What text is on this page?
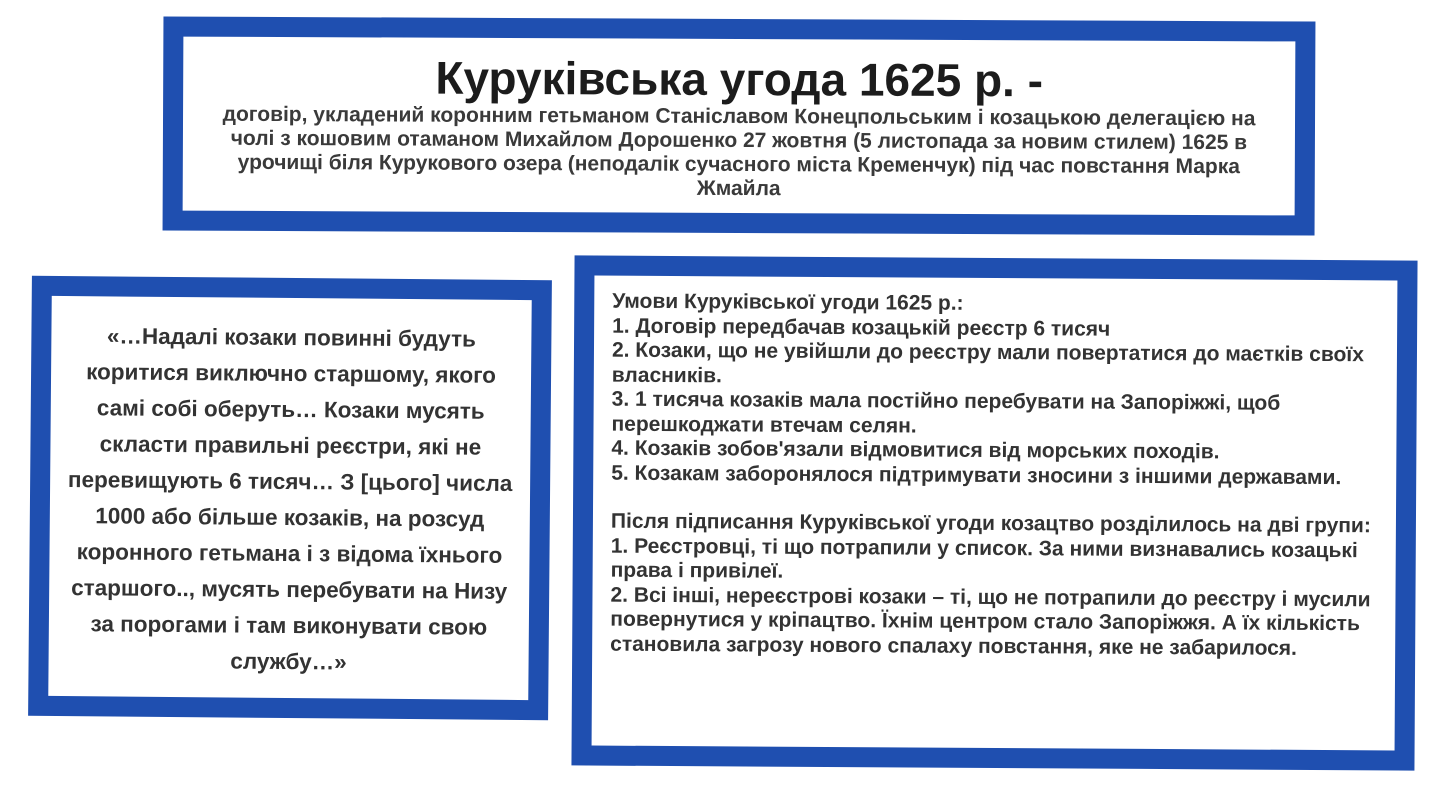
Куруківська угода 1625 р. -
договір, укладений коронним гетьманом Станіславом Конецпольським і козацькою делегацією на чолі з кошовим отаманом Михайлом Дорошенко 27 жовтня (5 листопада за новим стилем) 1625 в урочищі біля Курукового озера (неподалік сучасного міста Кременчук) під час повстання Марка Жмайла

«…Надалі козаки повинні будуть коритися виключно старшому, якого самі собі оберуть… Козаки мусять скласти правильні реєстри, які не перевищують 6 тисяч… З [цього] числа 1000 або більше козаків, на розсуд коронного гетьмана і з відома їхнього старшого.., мусять перебувати на Низу за порогами і там виконувати свою службу…»

Умови Куруківської угоди 1625 р.:
1. Договір передбачав козацькій реєстр 6 тисяч
2. Козаки, що не увійшли до реєстру мали повертатися до маєтків своїх власників.
3. 1 тисяча козаків мала постійно перебувати на Запоріжжі, щоб перешкоджати втечам селян.
4. Козаків зобов'язали відмовитися від морських походів.
5. Козакам заборонялося підтримувати зносини з іншими державами.
Після підписання Куруківської угоди козацтво розділилось на дві групи:
1. Реєстровці, ті що потрапили у список. За ними визнавались козацькі права і привілеї.
2. Всі інші, нереєстрові козаки – ті, що не потрапили до реєстру і мусили повернутися у кріпацтво. Їхнім центром стало Запоріжжя. А їх кількість становила загрозу нового спалаху повстання, яке не забарилося.
